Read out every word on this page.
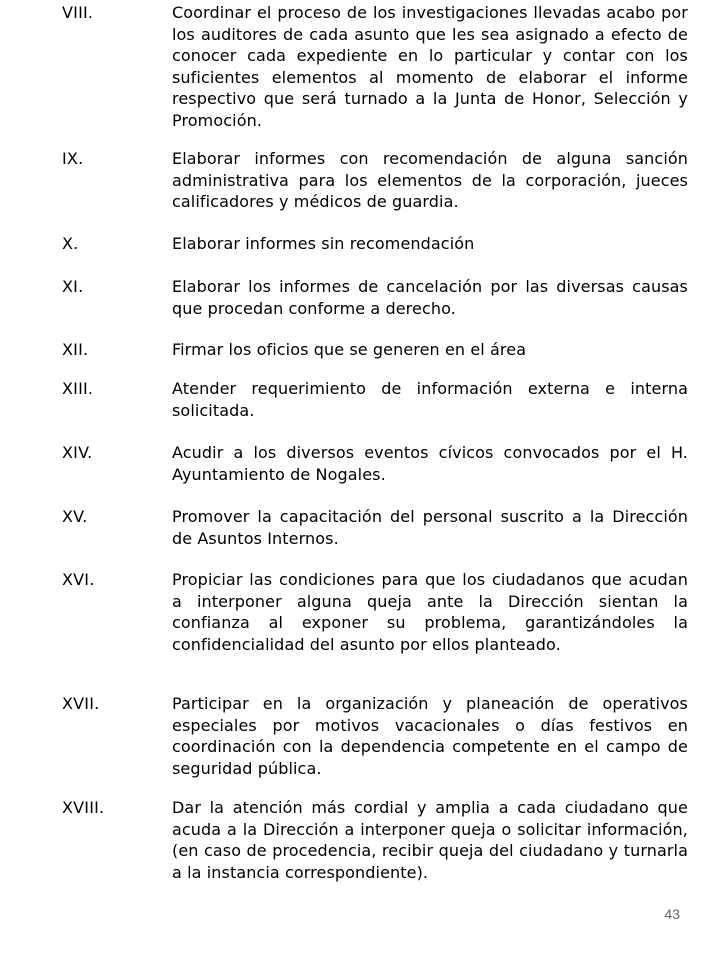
VIII.	Coordinar el proceso de los investigaciones llevadas acabo por los auditores de cada asunto que les sea asignado a efecto de conocer cada expediente en lo particular y contar con los suficientes elementos al momento de elaborar el informe respectivo que será turnado a la Junta de Honor, Selección y Promoción.
IX.	Elaborar informes con recomendación de alguna sanción administrativa para los elementos de la corporación, jueces calificadores y médicos de guardia.
X.	Elaborar informes sin recomendación
XI.	Elaborar los informes de cancelación por las diversas causas que procedan conforme a derecho.
XII.	Firmar los oficios que se generen en el área
XIII.	Atender requerimiento de información externa e interna solicitada.
XIV.	Acudir a los diversos eventos cívicos convocados por el H. Ayuntamiento de Nogales.
XV.	Promover la capacitación del personal suscrito a la Dirección de Asuntos Internos.
XVI.	Propiciar las condiciones para que los ciudadanos que acudan a interponer alguna queja ante la Dirección sientan la confianza al exponer su problema, garantizándoles la confidencialidad del asunto por ellos planteado.
XVII.	Participar en la organización y planeación de operativos especiales por motivos vacacionales o días festivos en coordinación con la dependencia competente en el campo de seguridad pública.
XVIII.	Dar la atención más cordial y amplia a cada ciudadano que acuda a la Dirección a interponer queja o solicitar información, (en caso de procedencia, recibir queja del ciudadano y turnarla a la instancia correspondiente).
43
